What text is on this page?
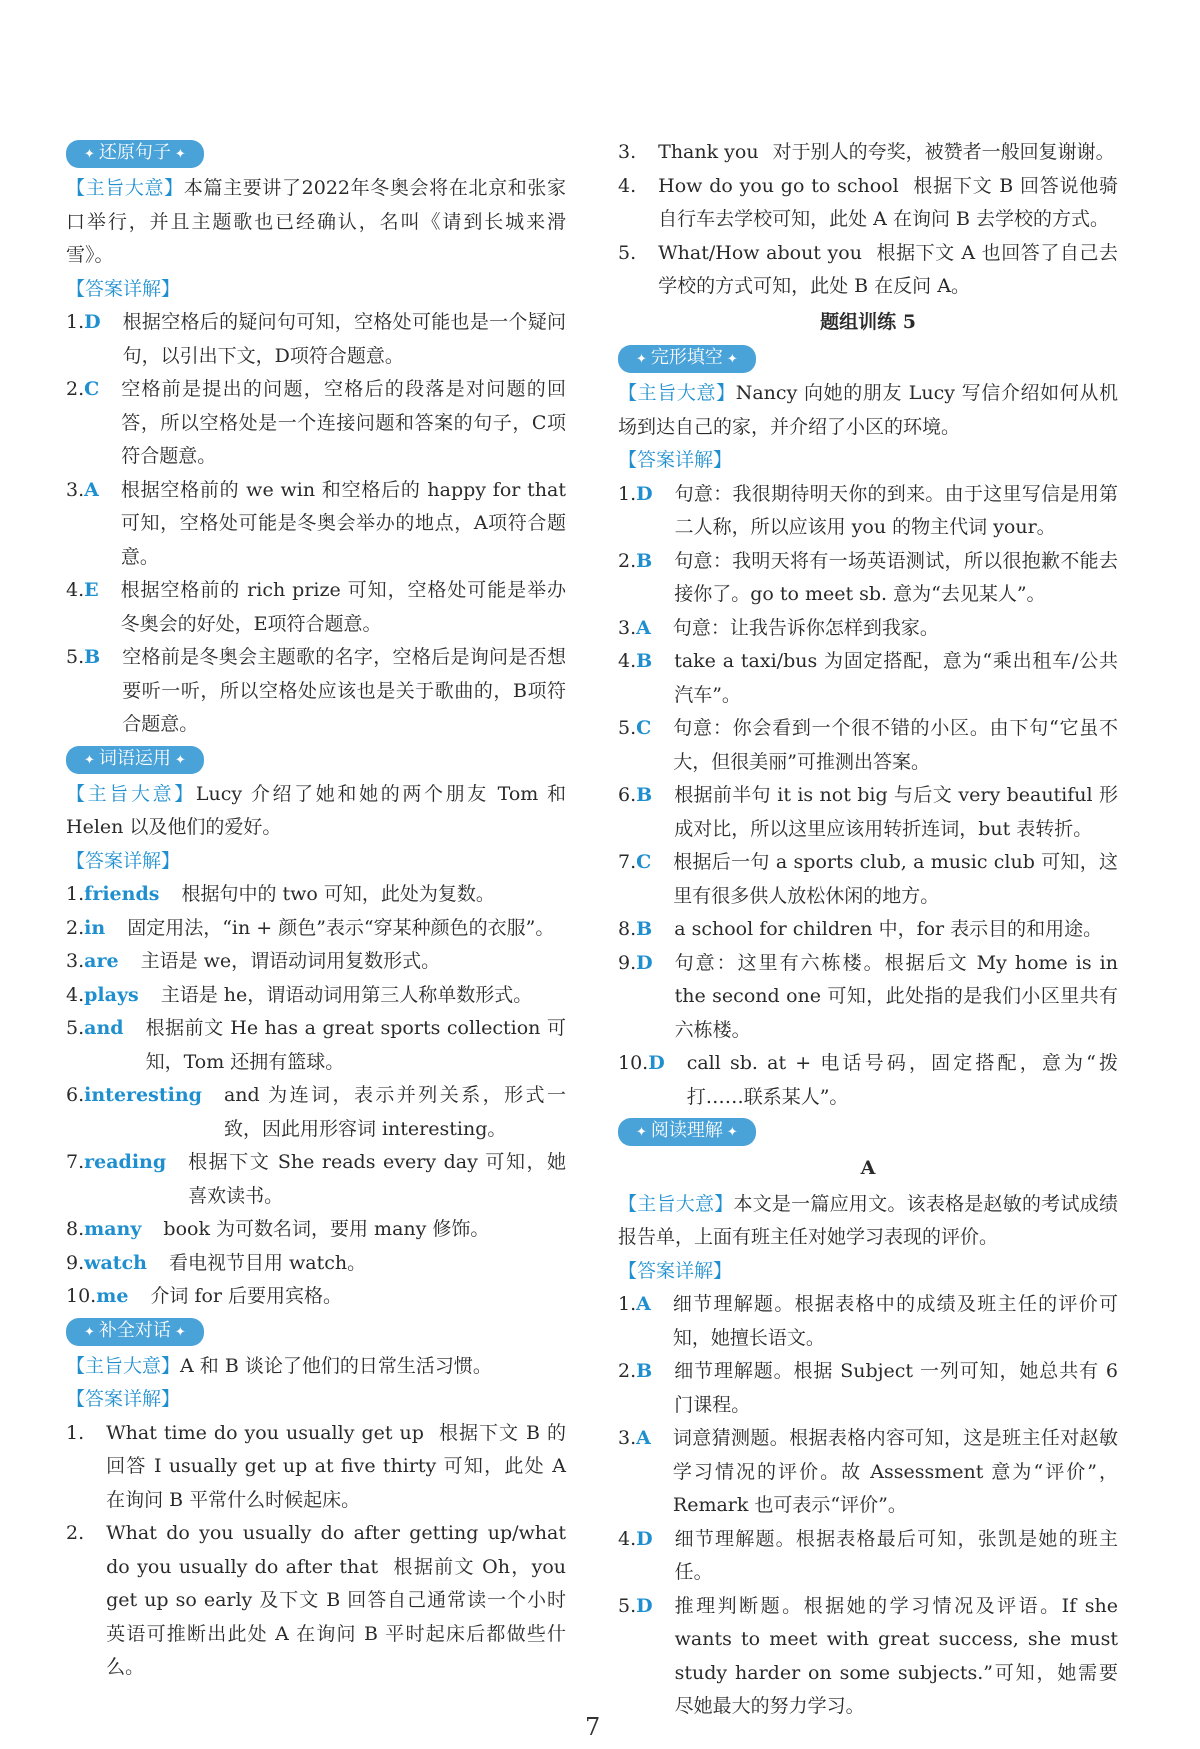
✦ 还原句子 ✦

【主旨大意】本篇主要讲了2022年冬奥会将在北京和张家口举行，并且主题歌也已经确认，名叫《请到长城来滑雪》。

【答案详解】
1.D 根据空格后的疑问句可知，空格处可能也是一个疑问句，以引出下文，D项符合题意。
2.C 空格前是提出的问题，空格后的段落是对问题的回答，所以空格处是一个连接问题和答案的句子，C项符合题意。
3.A 根据空格前的 we win 和空格后的 happy for that 可知，空格处可能是冬奥会举办的地点，A项符合题意。
4.E 根据空格前的 rich prize 可知，空格处可能是举办冬奥会的好处，E项符合题意。
5.B 空格前是冬奥会主题歌的名字，空格后是询问是否想要听一听，所以空格处应该也是关于歌曲的，B项符合题意。
✦ 词语运用 ✦

【主旨大意】Lucy 介绍了她和她的两个朋友 Tom 和 Helen 以及他们的爱好。

【答案详解】
1.friends 根据句中的 two 可知，此处为复数。
2.in 固定用法，“in + 颜色”表示“穿某种颜色的衣服”。
3.are 主语是 we，谓语动词用复数形式。
4.plays 主语是 he，谓语动词用第三人称单数形式。
5.and 根据前文 He has a great sports collection 可知，Tom 还拥有篮球。
6.interesting and 为连词，表示并列关系，形式一致，因此用形容词 interesting。
7.reading 根据下文 She reads every day 可知，她喜欢读书。
8.many book 为可数名词，要用 many 修饰。
9.watch 看电视节目用 watch。
10.me 介词 for 后要用宾格。
✦ 补全对话 ✦

【主旨大意】A 和 B 谈论了他们的日常生活习惯。

【答案详解】
1. What time do you usually get up 根据下文 B 的回答 I usually get up at five thirty 可知，此处 A 在询问 B 平常什么时候起床。
2. What do you usually do after getting up/what do you usually do after that 根据前文 Oh，you get up so early 及下文 B 回答自己通常读一个小时英语可推断出此处 A 在询问 B 平时起床后都做些什么。
3. Thank you 对于别人的夸奖，被赞者一般回复谢谢。
4. How do you go to school 根据下文 B 回答说他骑自行车去学校可知，此处 A 在询问 B 去学校的方式。
5. What/How about you 根据下文 A 也回答了自己去学校的方式可知，此处 B 在反问 A。
题组训练 5
✦ 完形填空 ✦

【主旨大意】Nancy 向她的朋友 Lucy 写信介绍如何从机场到达自己的家，并介绍了小区的环境。

【答案详解】
1.D 句意：我很期待明天你的到来。由于这里写信是用第二人称，所以应该用 you 的物主代词 your。
2.B 句意：我明天将有一场英语测试，所以很抱歉不能去接你了。go to meet sb. 意为“去见某人”。
3.A 句意：让我告诉你怎样到我家。
4.B take a taxi/bus 为固定搭配，意为“乘出租车/公共汽车”。
5.C 句意：你会看到一个很不错的小区。由下句“它虽不大，但很美丽”可推测出答案。
6.B 根据前半句 it is not big 与后文 very beautiful 形成对比，所以这里应该用转折连词，but 表转折。
7.C 根据后一句 a sports club, a music club 可知，这里有很多供人放松休闲的地方。
8.B a school for children 中，for 表示目的和用途。
9.D 句意：这里有六栋楼。根据后文 My home is in the second one 可知，此处指的是我们小区里共有六栋楼。
10.D call sb. at + 电话号码，固定搭配，意为“拨打……联系某人”。
✦ 阅读理解 ✦
A

【主旨大意】本文是一篇应用文。该表格是赵敏的考试成绩报告单，上面有班主任对她学习表现的评价。

【答案详解】
1.A 细节理解题。根据表格中的成绩及班主任的评价可知，她擅长语文。
2.B 细节理解题。根据 Subject 一列可知，她总共有 6 门课程。
3.A 词意猜测题。根据表格内容可知，这是班主任对赵敏学习情况的评价。故 Assessment 意为“评价”，Remark 也可表示“评价”。
4.D 细节理解题。根据表格最后可知，张凯是她的班主任。
5.D 推理判断题。根据她的学习情况及评语。If she wants to meet with great success, she must study harder on some subjects.”可知，她需要尽她最大的努力学习。
7
